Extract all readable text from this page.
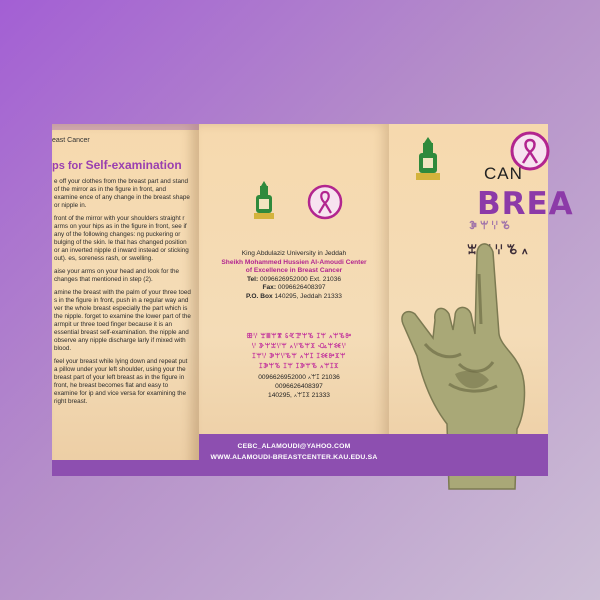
east Cancer
ps for Self-examination

e off your clothes from the breast part and stand of the mirror as in the figure in front, and examine ence of any change in the breast shape or nipple in.

front of the mirror with your shoulders straight r arms on your hips as in the figure in front, see if any of the following changes: ng puckering or bulging of the skin. le that has changed position or an inverted nipple d inward instead or sticking out). es, soreness rash, or swelling.

aise your arms on your head and look for the changes that mentioned in step (2).

amine the breast with the palm of your three toed s in the figure in front, push in a regular way and ver the whole breast especially the part which is the nipple. forget to examine the lower part of the armpit ur three toed finger because it is an essential breast self-examination. the nipple and observe any nipple discharge larly if mixed with blood.

feel your breast while lying down and repeat put a pillow under your left shoulder, using your the breast part of your left breast as in the figure in front, he breast becomes flat and easy to examine for ip and vice versa for examining the right breast.

King Abdulaziz University in Jeddah
Sheikh Mohammed Hussien Al-Amoudi Center
of Excellence in Breast Cancer
Tel: 0096626952000 Ext. 21036
Fax: 0096626408397
P.O. Box 140295, Jeddah 21333
ꕥꗷ ꘃꘈꕚꕨ ꗏꕩꘘꕚꘋ ꕯꕚ ꘍ꕚꘋꔻ
ꗷ ꘀꕚꘇꗷꕚ ꘍ꗷꘋꕚꘉ ꘐꕚꘒꗷ
ꕯꕚꗷ ꘁꕚꗷꘋꕚ ꘍ꕚꕯ ꕯꘒꔻꘉꕚ
ꕯꘁꕚꘋ ꕯꕚ ꕯꘁꕚꘋ ꘍ꕚꕯꘉ
0096626952000 ꘍ꕚꕯ 21036
0096626408397
140295, ꘍ꕚꕯꘉ 21333
CEBC_ALAMOUDI@YAHOO.COM
WWW.ALAMOUDI-BREASTCENTER.KAU.EDU.SA
CAN
BREA
ꘁꕚꗷꘋ
ꘇꕚꗷꘋ꘍
